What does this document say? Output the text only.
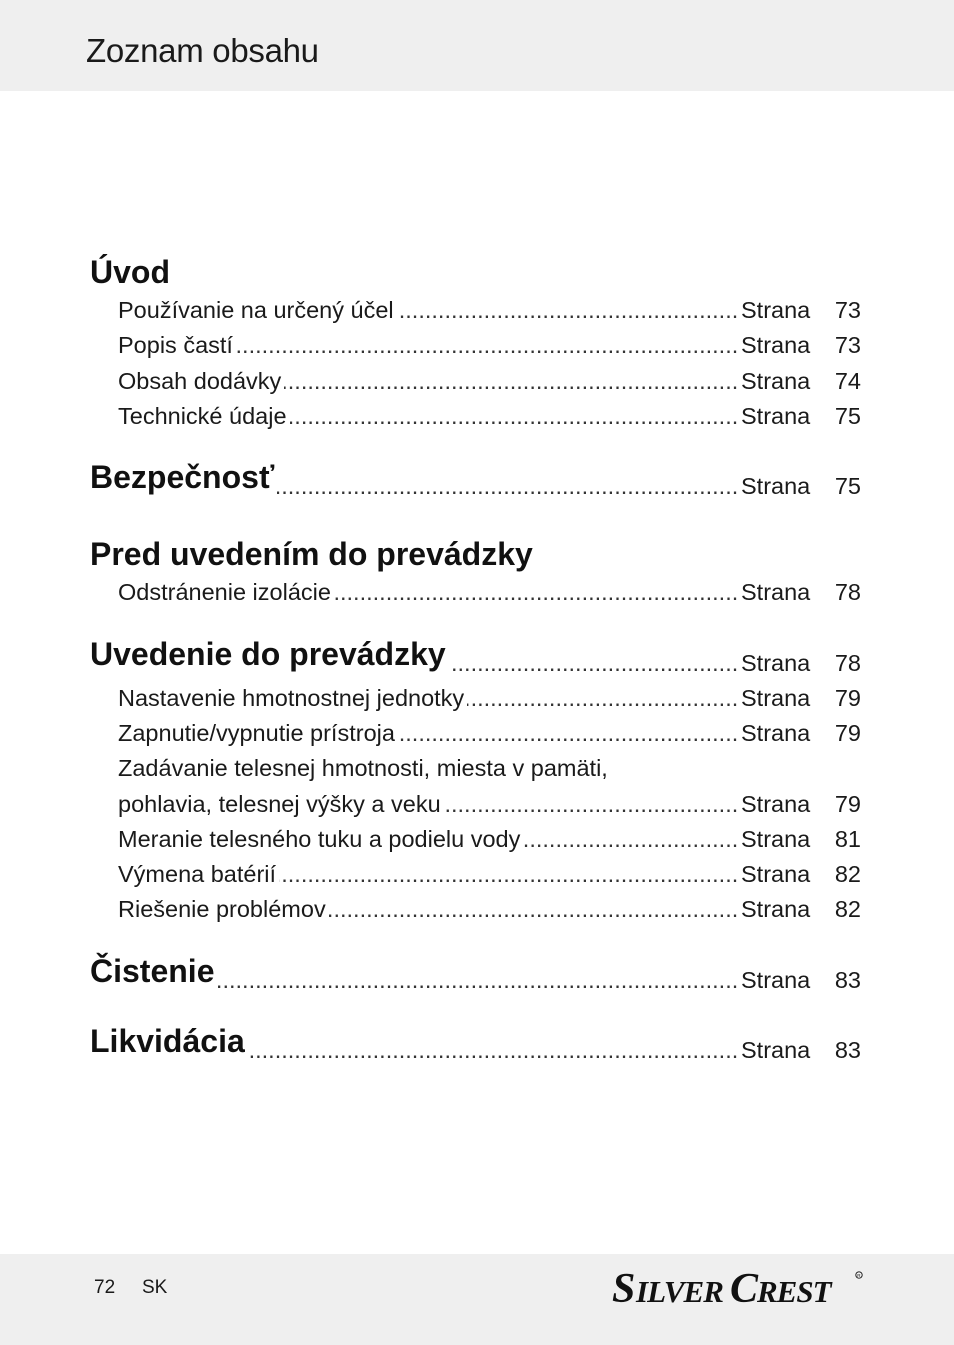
Zoznam obsahu
Úvod
.....
Používanie na určený účel	Strana 73
.....
Popis častí	Strana 73
.....
Obsah dodávky	Strana 74
.....
Technické údaje	Strana 75
.....
Bezpečnosť	Strana 75
Pred uvedením do prevádzky
.....
Odstránenie izolácie	Strana 78
.....
Uvedenie do prevádzky	Strana 78
.....
Nastavenie hmotnostnej jednotky	Strana 79
.....
Zapnutie/vypnutie prístroja	Strana 79
Zadávanie telesnej hmotnosti, miesta v pamäti,
.....
pohlavia, telesnej výšky a veku	Strana 79
.....
Meranie telesného tuku a podielu vody	Strana 81
.....
Výmena batérií	Strana 82
.....
Riešenie problémov	Strana 82
.....
Čistenie	Strana 83
.....
Likvidácia	Strana 83
72 SK	S ILVER C REST	R
